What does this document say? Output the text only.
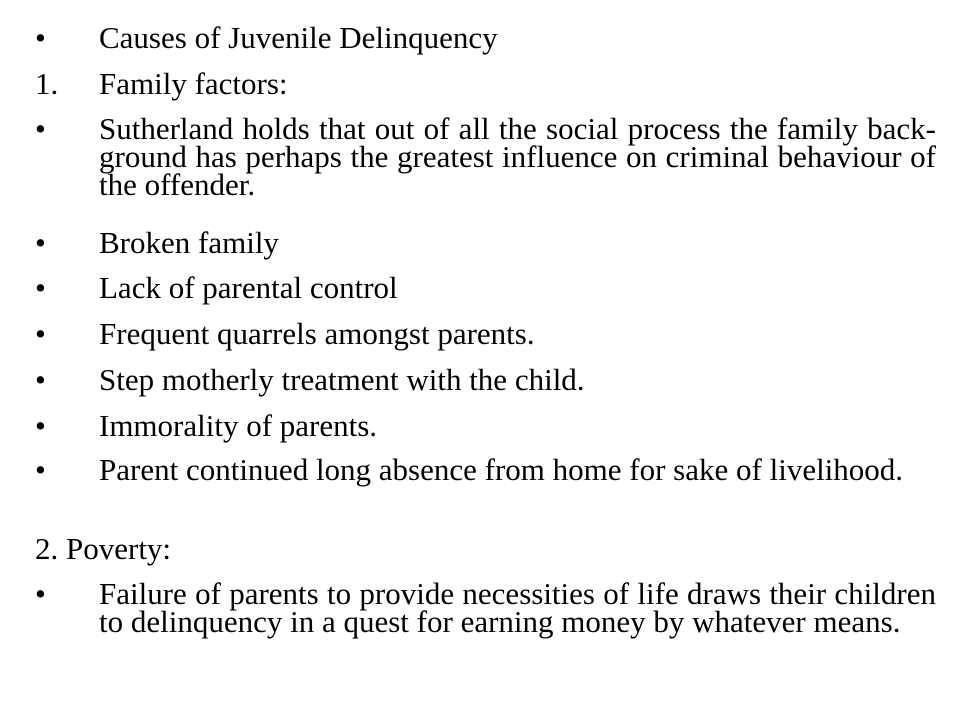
• Causes of Juvenile Delinquency
1. Family factors:
• Sutherland holds that out of all the social process the family back-ground has perhaps the greatest influence on criminal behaviour of the offender.
• Broken family
• Lack of parental control
• Frequent quarrels amongst parents.
• Step motherly treatment with the child.
• Immorality of parents.
• Parent continued long absence from home for sake of livelihood.
2. Poverty:
• Failure of parents to provide necessities of life draws their children to delinquency in a quest for earning money by whatever means.
